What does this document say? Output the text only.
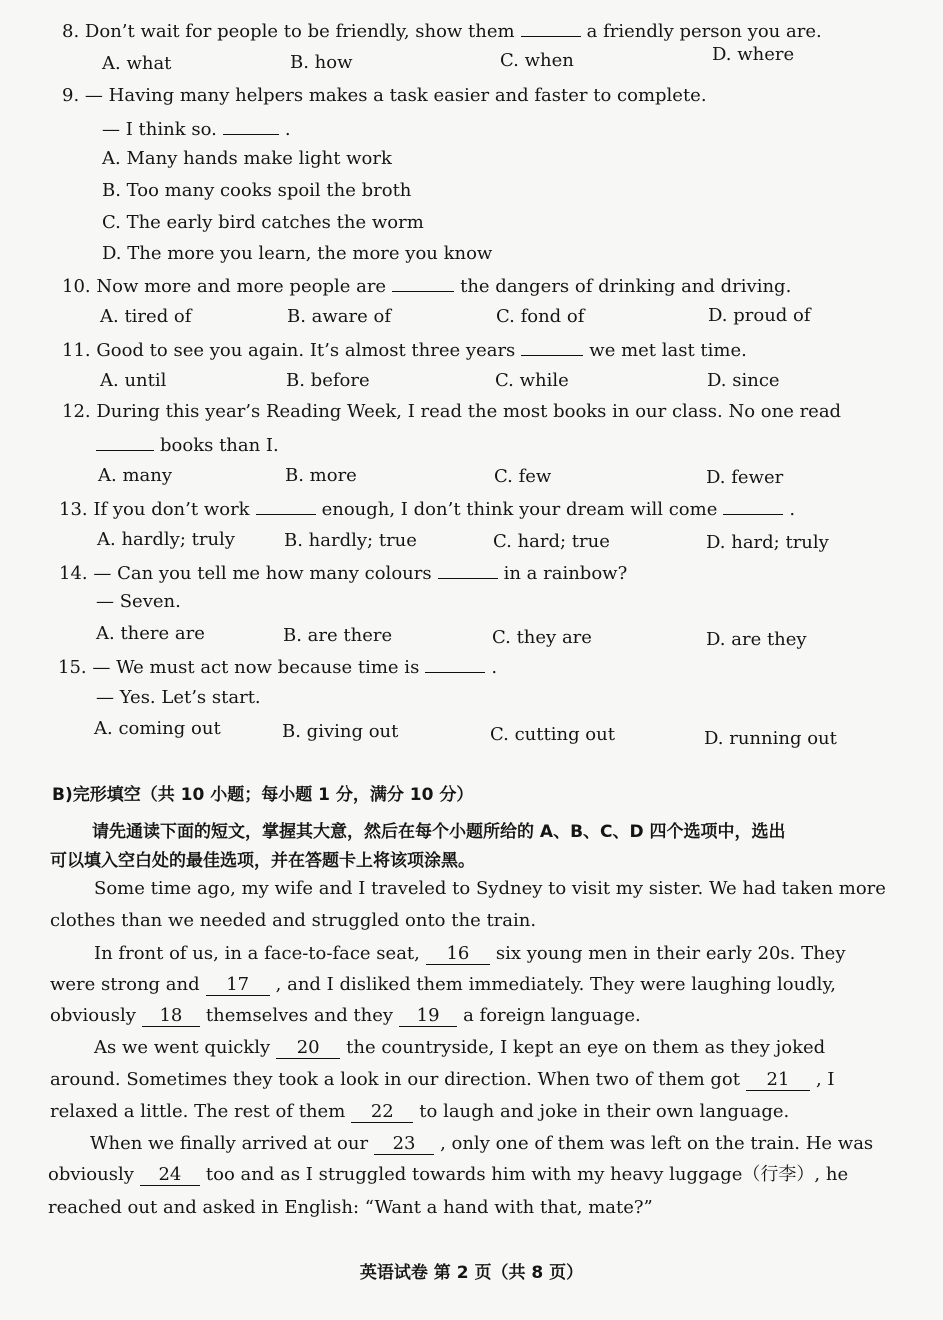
8. Don’t wait for people to be friendly, show them	a friendly person you are.
A. what	B. how	C. when	D. where
9. — Having many helpers makes a task easier and faster to complete.
— I think so.	.
A. Many hands make light work
B. Too many cooks spoil the broth
C. The early bird catches the worm
D. The more you learn, the more you know
10. Now more and more people are	the dangers of drinking and driving.
A. tired of	B. aware of	C. fond of	D. proud of
11. Good to see you again. It’s almost three years	we met last time.
A. until	B. before	C. while	D. since
12. During this year’s Reading Week, I read the most books in our class. No one read
books than I.
A. many	B. more	C. few	D. fewer
13. If you don’t work	enough, I don’t think your dream will come	.
A. hardly; truly	B. hardly; true	C. hard; true	D. hard; truly
14. — Can you tell me how many colours	in a rainbow?
— Seven.
A. there are	B. are there	C. they are	D. are they
15. — We must act now because time is	.
— Yes. Let’s start.
A. coming out	B. giving out	C. cutting out	D. running out
B)完形填空（共 10 小题；每小题 1 分，满分 10 分）
请先通读下面的短文，掌握其大意，然后在每个小题所给的 A、B、C、D 四个选项中，选出
可以填入空白处的最佳选项，并在答题卡上将该项涂黑。
Some time ago, my wife and I traveled to Sydney to visit my sister. We had taken more
clothes than we needed and struggled onto the train.
In front of us, in a face-to-face seat, 16 six young men in their early 20s. They
were strong and 17 , and I disliked them immediately. They were laughing loudly,
obviously 18 themselves and they 19 a foreign language.
As we went quickly 20 the countryside, I kept an eye on them as they joked
around. Sometimes they took a look in our direction. When two of them got 21 , I
relaxed a little. The rest of them 22 to laugh and joke in their own language.
When we finally arrived at our 23 , only one of them was left on the train. He was
obviously 24 too and as I struggled towards him with my heavy luggage（行李）, he
reached out and asked in English: “Want a hand with that, mate?”
英语试卷 第 2 页（共 8 页）
